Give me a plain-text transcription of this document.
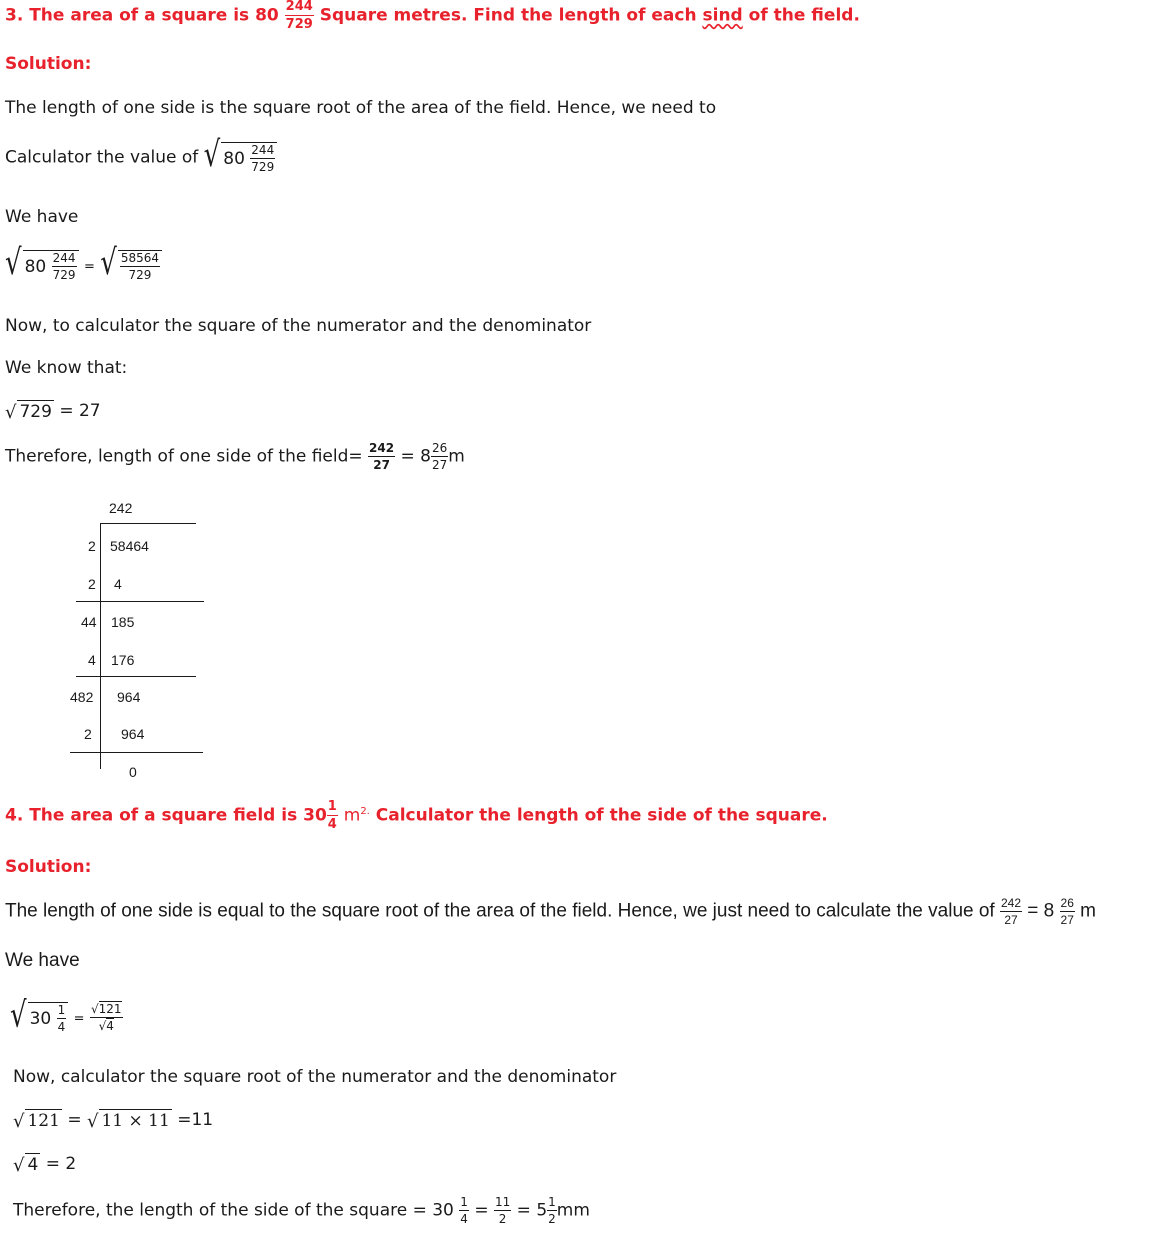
3. The area of a square is $80 \frac{244}{729}$ Square metres. Find the length of each sind of the field.
Solution:
The length of one side is the square root of the area of the field. Hence, we need to
Calculator the value of √ 80
$\frac{244}{729}$
We have
√ 80
$\frac{244}{729}$ = √ $\frac{58564}{729}$
Now, to calculator the square of the numerator and the denominator
We know that:
√ 729 = 27
Therefore, length of one side of the field= $\frac{242}{27} = 8 \frac{26}{27}$ m
242
2 58464
2 4
44 185
4 176
482 964
2 964
0
4. The area of a square field is $30 \frac{1}{4} m^{2.}$ Calculator the length of the side of the square.
Solution:
The length of one side is equal to the square root of the area of the field. Hence, we just need to calculate the value of $\frac{242}{27} = 8 \frac{26}{27}$ m
We have
√ 30
$\frac{1}{4} = \frac{√121}{√4}$
Now, calculator the square root of the numerator and the denominator
√ 121 = √ 11 × 11 =11
√ 4 = 2
Therefore, the length of the side of the square = $30 \frac{1}{4} = \frac{11}{2} = 5 \frac{1}{2}$ mm
